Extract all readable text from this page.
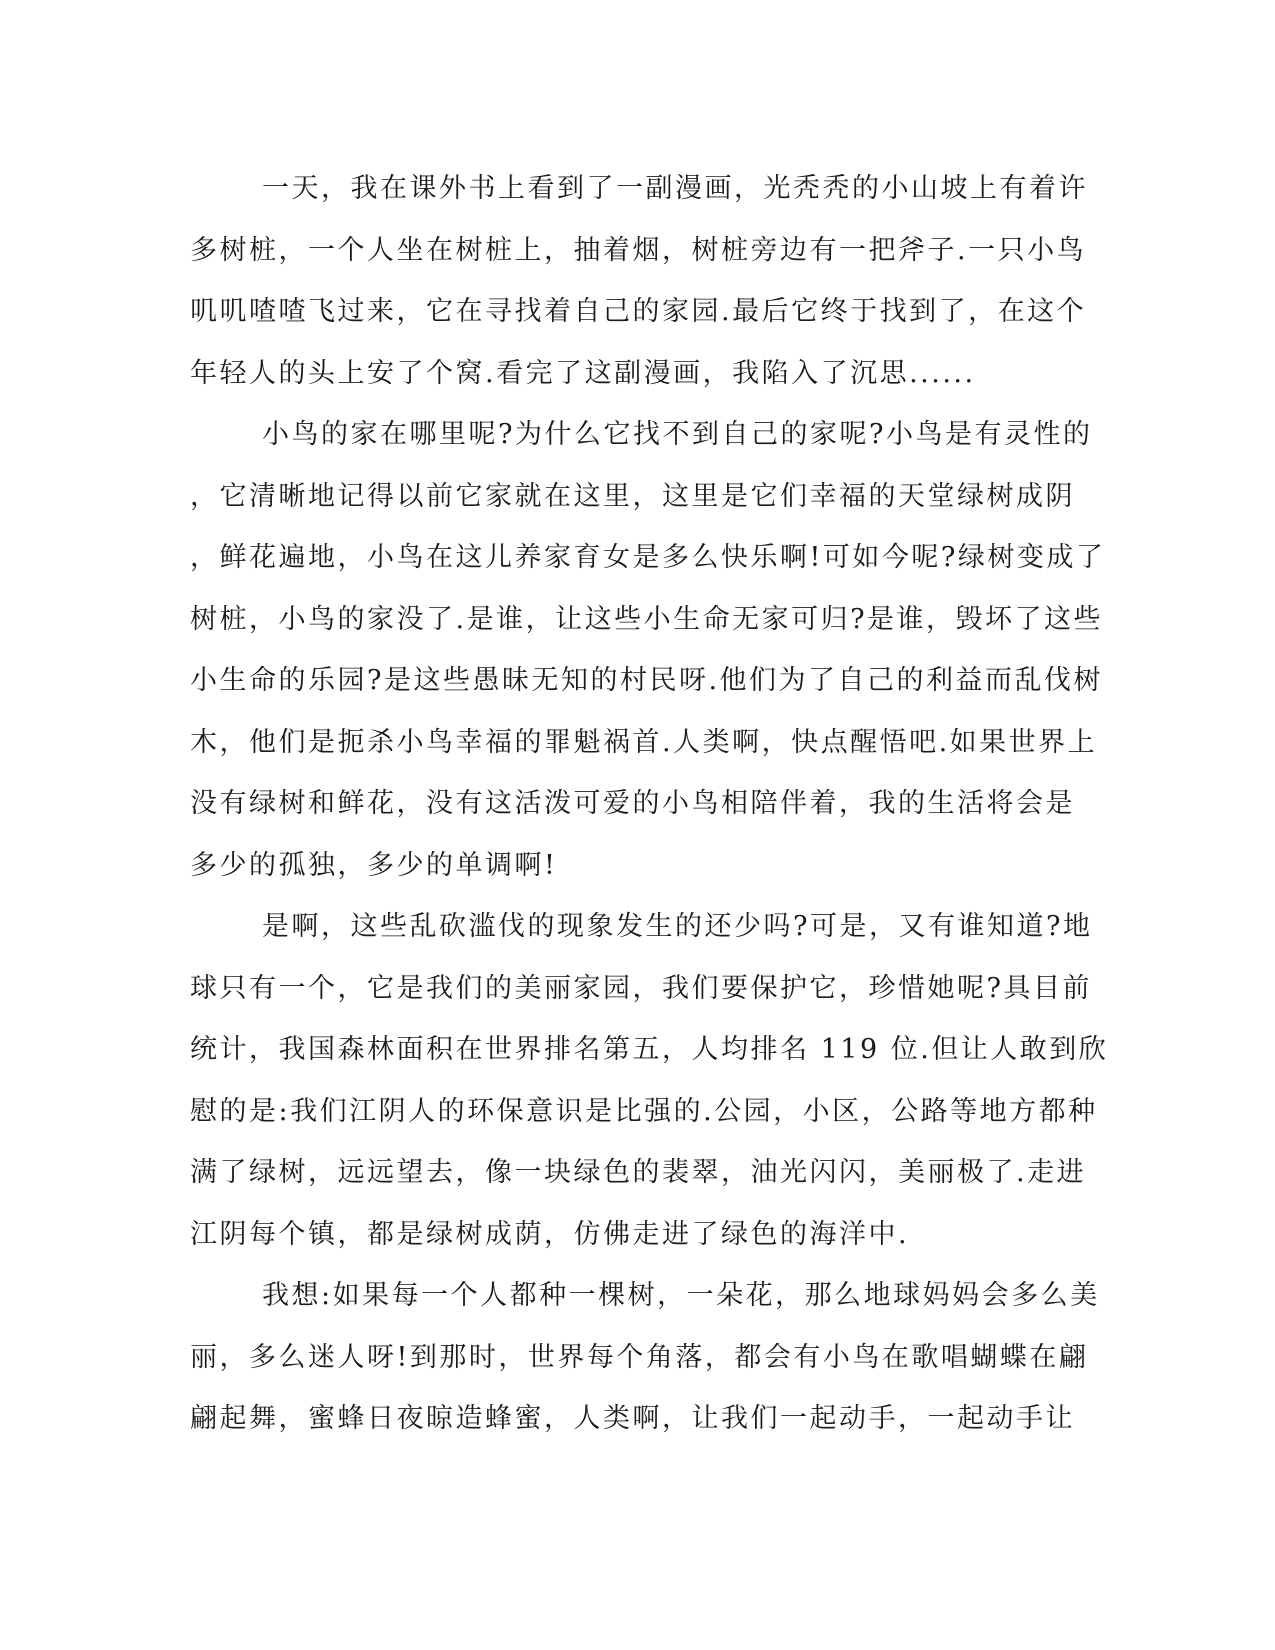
一天，我在课外书上看到了一副漫画，光秃秃的小山坡上有着许
多树桩，一个人坐在树桩上，抽着烟，树桩旁边有一把斧子.一只小鸟
叽叽喳喳飞过来，它在寻找着自己的家园.最后它终于找到了，在这个
年轻人的头上安了个窝.看完了这副漫画，我陷入了沉思......
小鸟的家在哪里呢?为什么它找不到自己的家呢?小鸟是有灵性的
，它清晰地记得以前它家就在这里，这里是它们幸福的天堂绿树成阴
，鲜花遍地，小鸟在这儿养家育女是多么快乐啊!可如今呢?绿树变成了
树桩，小鸟的家没了.是谁，让这些小生命无家可归?是谁，毁坏了这些
小生命的乐园?是这些愚昧无知的村民呀.他们为了自己的利益而乱伐树
木，他们是扼杀小鸟幸福的罪魁祸首.人类啊，快点醒悟吧.如果世界上
没有绿树和鲜花，没有这活泼可爱的小鸟相陪伴着，我的生活将会是
多少的孤独，多少的单调啊!
是啊，这些乱砍滥伐的现象发生的还少吗?可是，又有谁知道?地
球只有一个，它是我们的美丽家园，我们要保护它，珍惜她呢?具目前
统计，我国森林面积在世界排名第五，人均排名 119 位.但让人敢到欣
慰的是:我们江阴人的环保意识是比强的.公园，小区，公路等地方都种
满了绿树，远远望去，像一块绿色的裴翠，油光闪闪，美丽极了.走进
江阴每个镇，都是绿树成荫，仿佛走进了绿色的海洋中.
我想:如果每一个人都种一棵树，一朵花，那么地球妈妈会多么美
丽，多么迷人呀!到那时，世界每个角落，都会有小鸟在歌唱蝴蝶在翩
翩起舞，蜜蜂日夜晾造蜂蜜，人类啊，让我们一起动手，一起动手让
